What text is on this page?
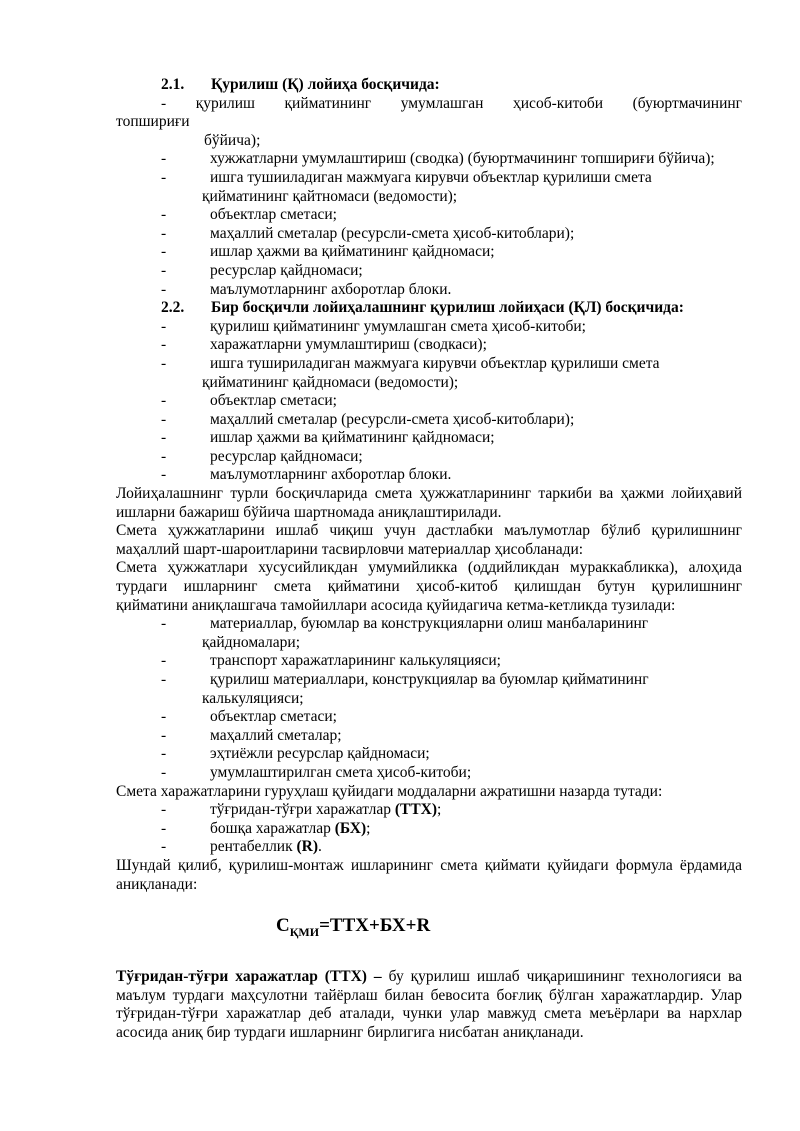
2.1. Қурилиш (Қ) лойиҳа босқичида:
- қурилиш қийматининг умумлашган ҳисоб-китоби (буюртмачининг
топшириғи
бўйича);
-	хужжатларни умумлаштириш (сводка) (буюртмачининг топшириғи бўйича);
-	ишга тушииладиган мажмуага кирувчи объектлар қурилиши смета
қийматининг қайтномаси (ведомости);
-	объектлар сметаси;
-	маҳаллий сметалар (ресурсли-смета ҳисоб-китоблари);
-	ишлар ҳажми ва қийматининг қайдномаси;
-	ресурслар қайдномаси;
-	маълумотларнинг ахборотлар блоки.
2.2. Бир босқичли лойиҳалашнинг қурилиш лойиҳаси (ҚЛ) босқичида:
-	қурилиш қийматининг умумлашган смета ҳисоб-китоби;
-	харажатларни умумлаштириш (сводкаси);
-	ишга тушириладиган мажмуага кирувчи объектлар қурилиши смета
қийматининг қайдномаси (ведомости);
-	объектлар сметаси;
-	маҳаллий сметалар (ресурсли-смета ҳисоб-китоблари);
-	ишлар ҳажми ва қийматининг қайдномаси;
-	ресурслар қайдномаси;
-	маълумотларнинг ахборотлар блоки.
Лойиҳалашнинг турли босқичларида смета ҳужжатларининг таркиби ва ҳажми лойиҳавий
ишларни бажариш бўйича шартномада аниқлаштирилади.
Смета ҳужжатларини ишлаб чиқиш учун дастлабки маълумотлар бўлиб қурилишнинг
маҳаллий шарт-шароитларини тасвирловчи материаллар ҳисобланади:
Смета ҳужжатлари хусусийликдан умумийликка (оддийликдан мураккабликка), алоҳида
турдаги ишларнинг смета қийматини ҳисоб-китоб қилишдан бутун қурилишнинг
қийматини аниқлашгача тамойиллари асосида қуйидагича кетма-кетликда тузилади:
-	материаллар, буюмлар ва конструкцияларни олиш манбаларининг
қайдномалари;
-	транспорт харажатларининг калькуляцияси;
-	қурилиш материаллари, конструкциялар ва буюмлар қийматининг
калькуляцияси;
-	объектлар сметаси;
-	маҳаллий сметалар;
-	эҳтиёжли ресурслар қайдномаси;
-	умумлаштирилган смета ҳисоб-китоби;
Смета харажатларини гуруҳлаш қуйидаги моддаларни ажратишни назарда тутади:
-	тўғридан-тўғри харажатлар (ТТХ);
-	бошқа харажатлар (БХ);
-	рентабеллик (R).
Шундай қилиб, қурилиш-монтаж ишларининг смета қиймати қуйидаги формула ёрдамида
аниқланади:
$С_{ҚМИ}=ТТХ+БХ+R$
Тўғридан-тўғри харажатлар (ТТХ) – бу қурилиш ишлаб чиқаришининг технологияси ва
маълум турдаги маҳсулотни тайёрлаш билан бевосита боғлиқ бўлган харажатлардир. Улар
тўғридан-тўғри харажатлар деб аталади, чунки улар мавжуд смета меъёрлари ва нархлар
асосида аниқ бир турдаги ишларнинг бирлигига нисбатан аниқланади.
